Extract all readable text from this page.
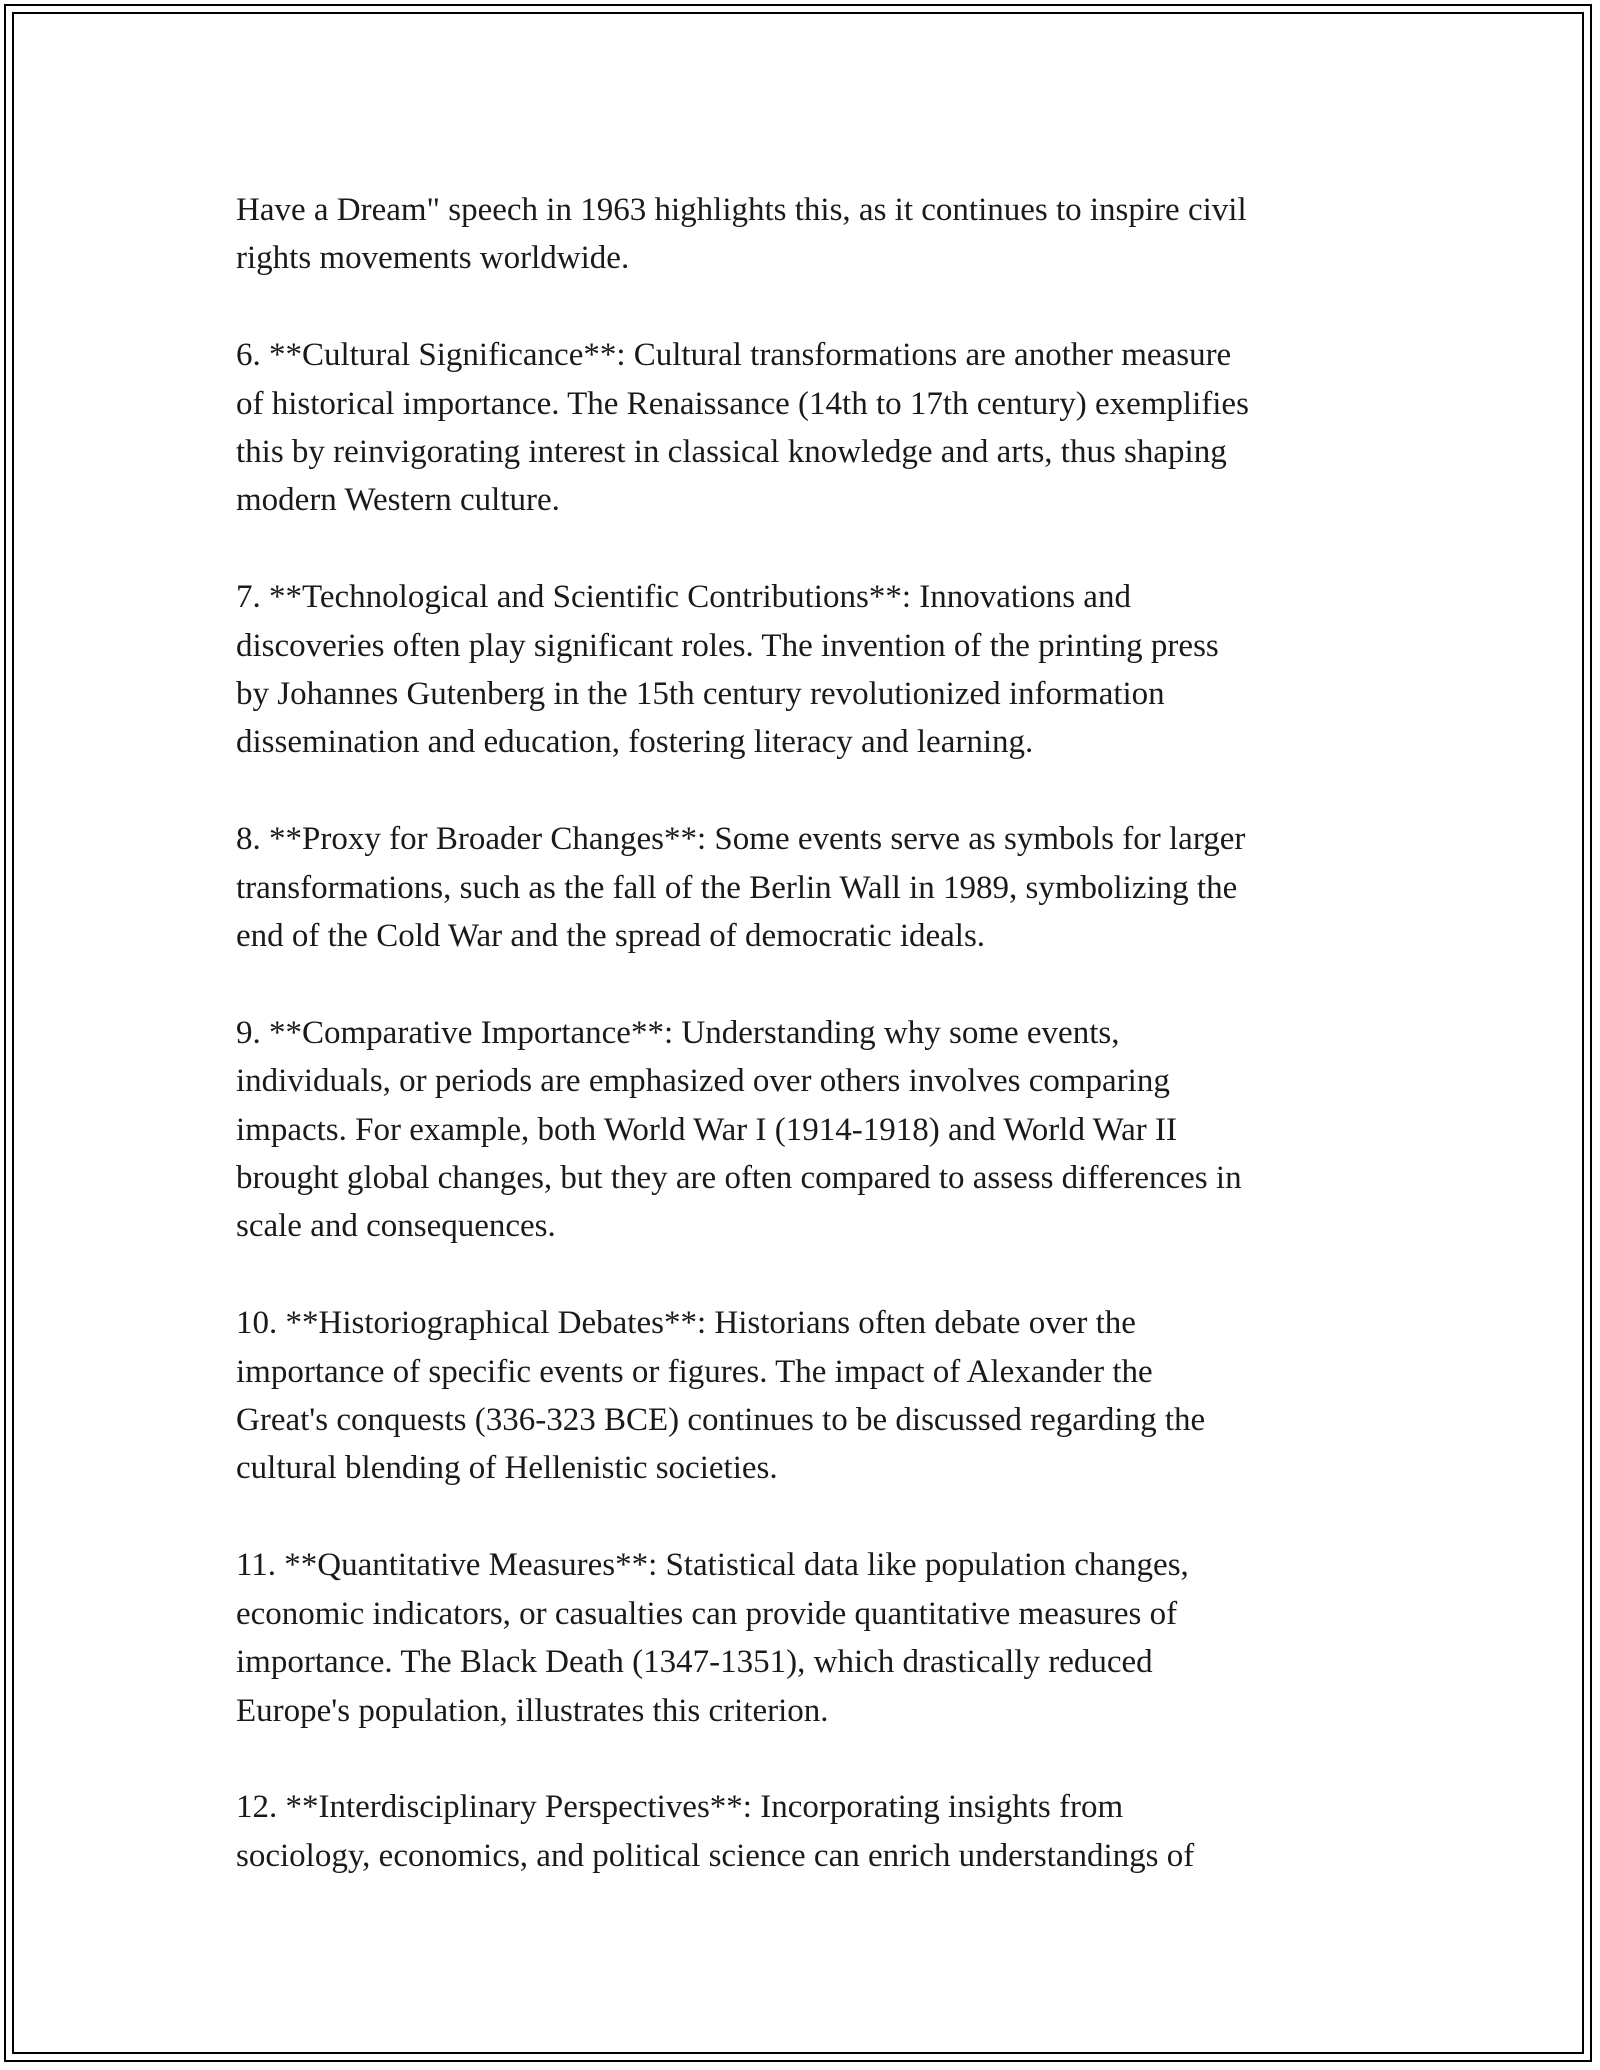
Have a Dream" speech in 1963 highlights this, as it continues to inspire civil
rights movements worldwide.

6. **Cultural Significance**: Cultural transformations are another measure
of historical importance. The Renaissance (14th to 17th century) exemplifies
this by reinvigorating interest in classical knowledge and arts, thus shaping
modern Western culture.

7. **Technological and Scientific Contributions**: Innovations and
discoveries often play significant roles. The invention of the printing press
by Johannes Gutenberg in the 15th century revolutionized information
dissemination and education, fostering literacy and learning.

8. **Proxy for Broader Changes**: Some events serve as symbols for larger
transformations, such as the fall of the Berlin Wall in 1989, symbolizing the
end of the Cold War and the spread of democratic ideals.

9. **Comparative Importance**: Understanding why some events,
individuals, or periods are emphasized over others involves comparing
impacts. For example, both World War I (1914-1918) and World War II
brought global changes, but they are often compared to assess differences in
scale and consequences.

10. **Historiographical Debates**: Historians often debate over the
importance of specific events or figures. The impact of Alexander the
Great's conquests (336-323 BCE) continues to be discussed regarding the
cultural blending of Hellenistic societies.

11. **Quantitative Measures**: Statistical data like population changes,
economic indicators, or casualties can provide quantitative measures of
importance. The Black Death (1347-1351), which drastically reduced
Europe's population, illustrates this criterion.

12. **Interdisciplinary Perspectives**: Incorporating insights from
sociology, economics, and political science can enrich understandings of
